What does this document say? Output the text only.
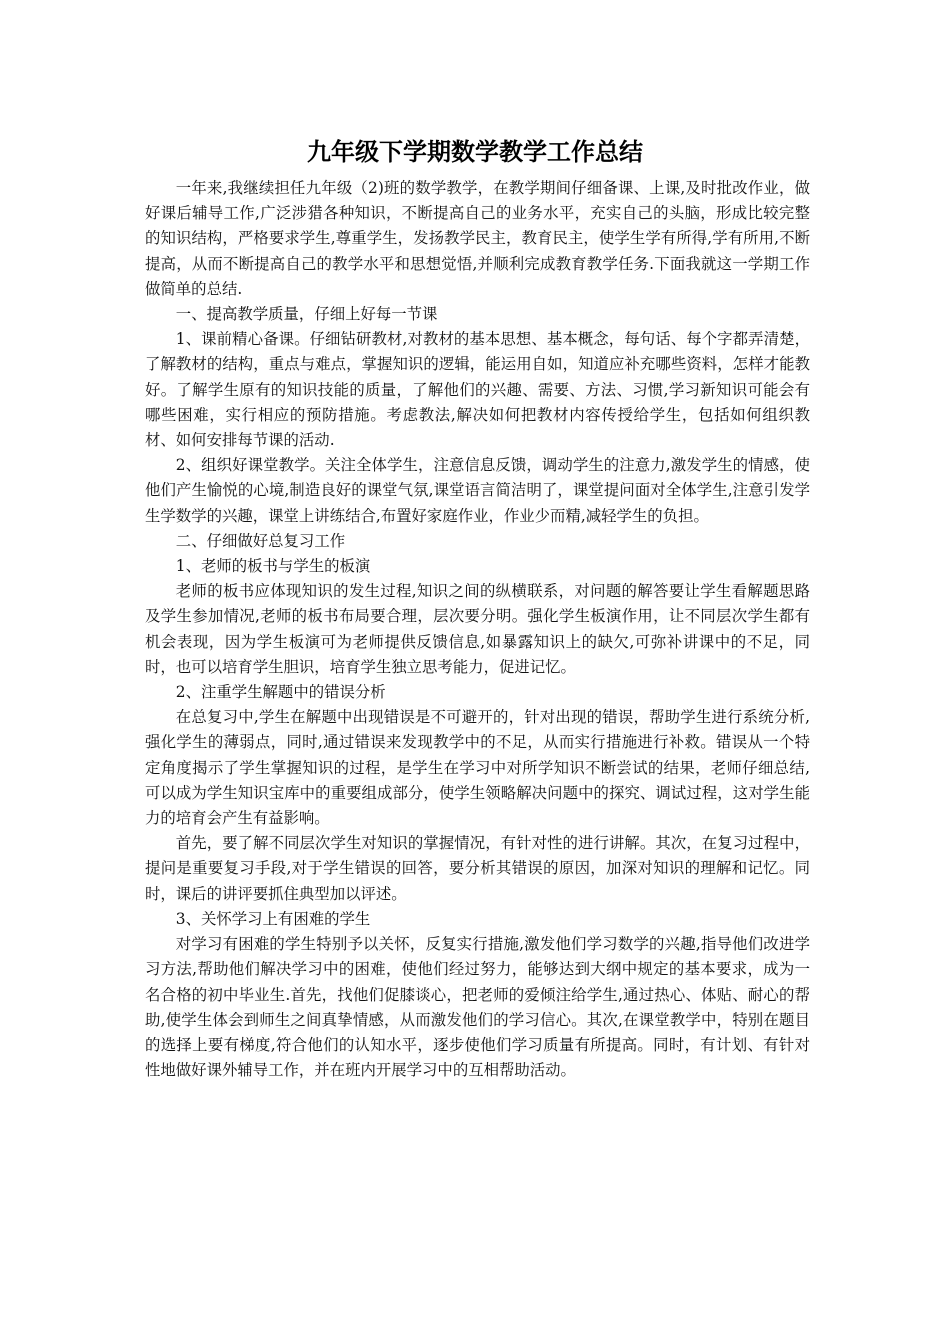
九年级下学期数学教学工作总结

一年来,我继续担任九年级（2)班的数学教学，在教学期间仔细备课、上课,及时批改作业，做好课后辅导工作,广泛涉猎各种知识，不断提高自己的业务水平，充实自己的头脑，形成比较完整的知识结构，严格要求学生,尊重学生，发扬教学民主，教育民主，使学生学有所得,学有所用,不断提高，从而不断提高自己的教学水平和思想觉悟,并顺利完成教育教学任务.下面我就这一学期工作做简单的总结.

一、提高教学质量，仔细上好每一节课

1、课前精心备课。仔细钻研教材,对教材的基本思想、基本概念，每句话、每个字都弄清楚，了解教材的结构，重点与难点，掌握知识的逻辑，能运用自如，知道应补充哪些资料，怎样才能教好。了解学生原有的知识技能的质量，了解他们的兴趣、需要、方法、习惯,学习新知识可能会有哪些困难，实行相应的预防措施。考虑教法,解决如何把教材内容传授给学生，包括如何组织教材、如何安排每节课的活动.

2、组织好课堂教学。关注全体学生，注意信息反馈，调动学生的注意力,激发学生的情感，使他们产生愉悦的心境,制造良好的课堂气氛,课堂语言简洁明了，课堂提问面对全体学生,注意引发学生学数学的兴趣，课堂上讲练结合,布置好家庭作业，作业少而精,减轻学生的负担。

二、仔细做好总复习工作

1、老师的板书与学生的板演

老师的板书应体现知识的发生过程,知识之间的纵横联系，对问题的解答要让学生看解题思路及学生参加情况,老师的板书布局要合理，层次要分明。强化学生板演作用，让不同层次学生都有机会表现，因为学生板演可为老师提供反馈信息,如暴露知识上的缺欠,可弥补讲课中的不足，同时，也可以培育学生胆识，培育学生独立思考能力，促进记忆。

2、注重学生解题中的错误分析

在总复习中,学生在解题中出现错误是不可避开的，针对出现的错误，帮助学生进行系统分析,强化学生的薄弱点，同时,通过错误来发现教学中的不足，从而实行措施进行补救。错误从一个特定角度揭示了学生掌握知识的过程，是学生在学习中对所学知识不断尝试的结果，老师仔细总结,可以成为学生知识宝库中的重要组成部分，使学生领略解决问题中的探究、调试过程，这对学生能力的培育会产生有益影响。

首先，要了解不同层次学生对知识的掌握情况，有针对性的进行讲解。其次，在复习过程中，提问是重要复习手段,对于学生错误的回答，要分析其错误的原因，加深对知识的理解和记忆。同时，课后的讲评要抓住典型加以评述。

3、关怀学习上有困难的学生

对学习有困难的学生特别予以关怀，反复实行措施,激发他们学习数学的兴趣,指导他们改进学习方法,帮助他们解决学习中的困难，使他们经过努力，能够达到大纲中规定的基本要求，成为一名合格的初中毕业生.首先，找他们促膝谈心，把老师的爱倾注给学生,通过热心、体贴、耐心的帮助,使学生体会到师生之间真挚情感，从而激发他们的学习信心。其次,在课堂教学中，特别在题目的选择上要有梯度,符合他们的认知水平，逐步使他们学习质量有所提高。同时，有计划、有针对性地做好课外辅导工作，并在班内开展学习中的互相帮助活动。
